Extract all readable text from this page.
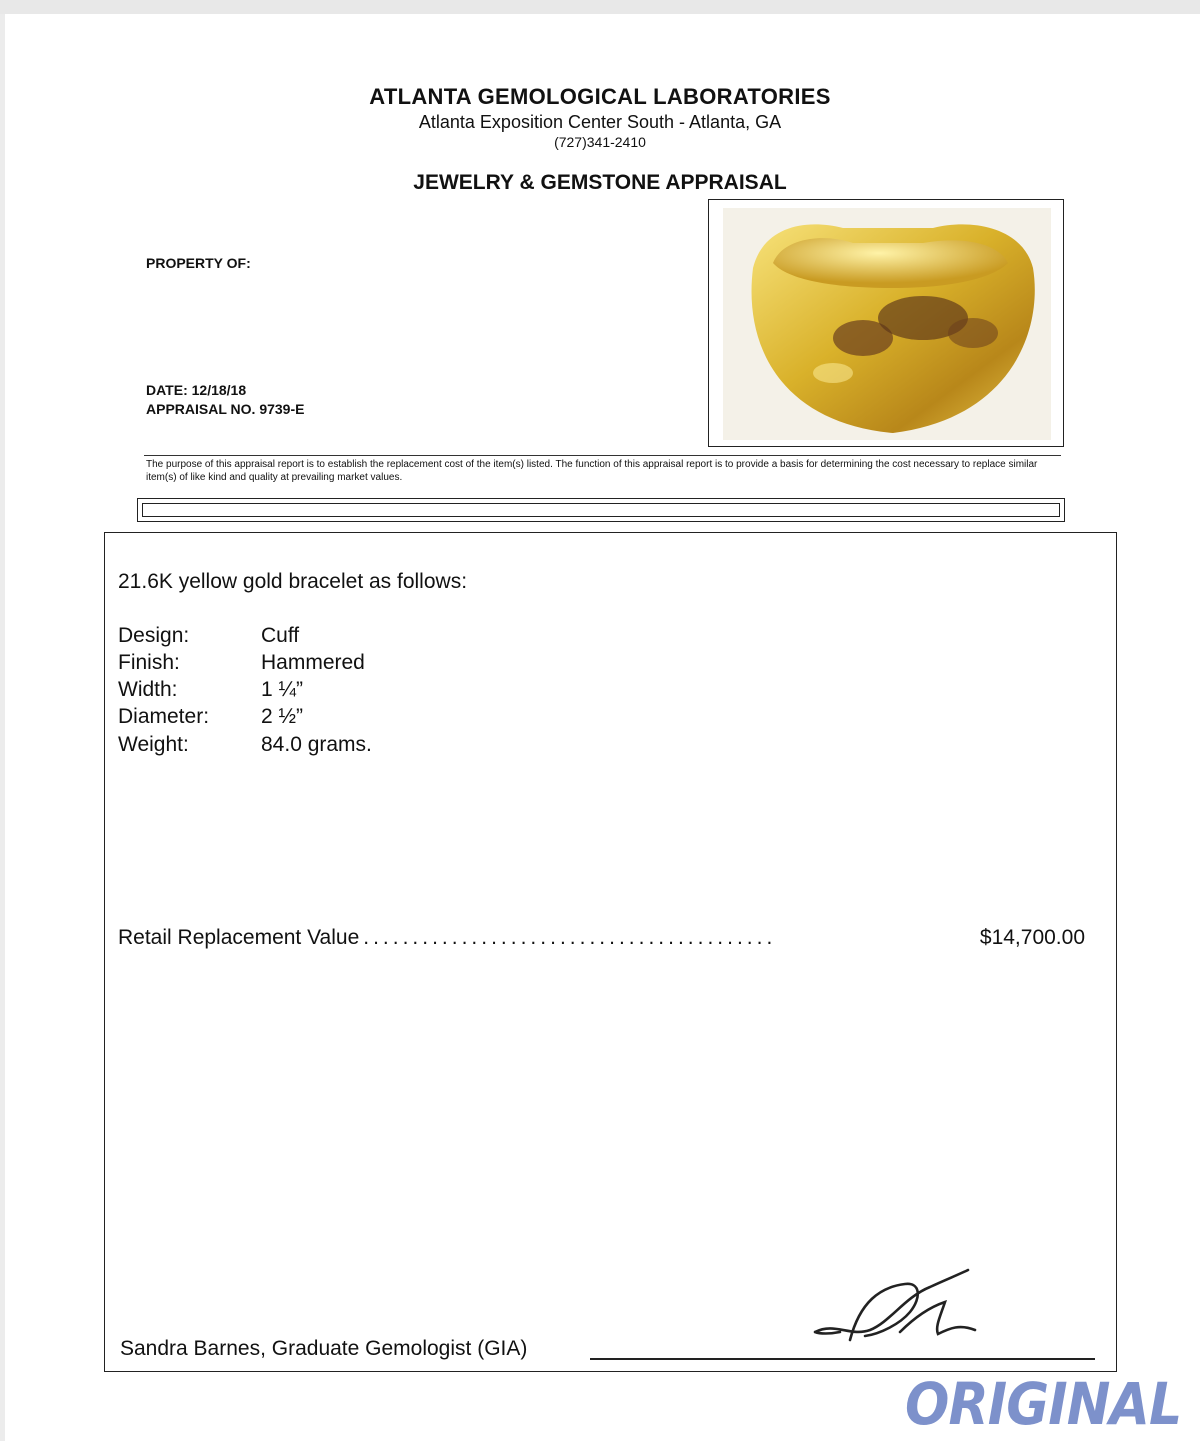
ATLANTA GEMOLOGICAL LABORATORIES
Atlanta Exposition Center South - Atlanta, GA
(727)341-2410
JEWELRY & GEMSTONE APPRAISAL
PROPERTY OF:
DATE: 12/18/18
APPRAISAL NO. 9739-E
The purpose of this appraisal report is to establish the replacement cost of the item(s) listed. The function of this appraisal report is to provide a basis for determining the cost necessary to replace similar item(s) of like kind and quality at prevailing market values.
21.6K yellow gold bracelet as follows:
Design:	Cuff
Finish:	Hammered
Width:	1 ¼”
Diameter: 2 ½”
Weight:	84.0 grams.
Retail Replacement Value ..........................................	$14,700.00
Sandra Barnes, Graduate Gemologist (GIA)
ORIGINAL
